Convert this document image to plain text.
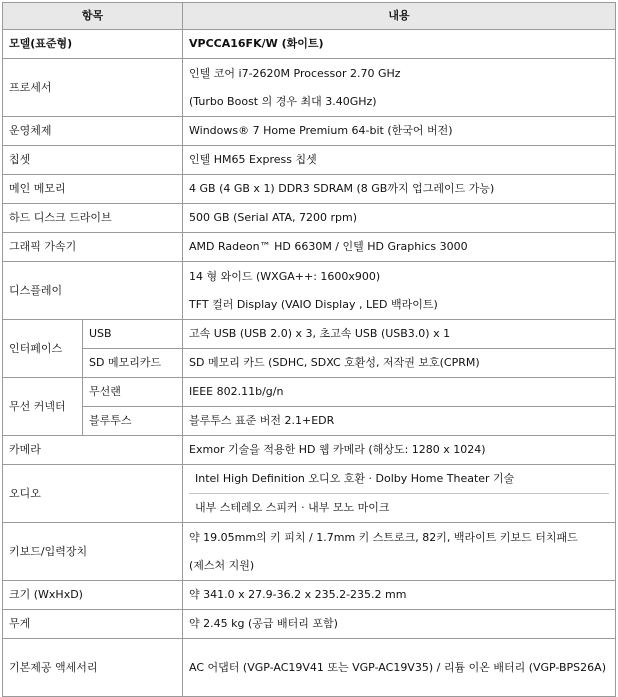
항목		내용
모델(표준형)		VPCCA16FK/W (화이트)
프로세서		인텔 코어 i7-2620M Processor 2.70 GHz
(Turbo Boost 의 경우 최대 3.40GHz)

운영체제		Windows® 7 Home Premium 64-bit (한국어 버전)
칩셋		인텔 HM65 Express 칩셋
메인 메모리		4 GB (4 GB x 1) DDR3 SDRAM (8 GB까지 업그레이드 가능)
하드 디스크 드라이브		500 GB (Serial ATA, 7200 rpm)
그래픽 가속기		AMD Radeon™ HD 6630M / 인텔 HD Graphics 3000
디스플레이		14 형 와이드 (WXGA++: 1600x900)
TFT 컬러 Display (VAIO Display , LED 백라이트)

인터페이스	USB	고속 USB (USB 2.0) x 3, 초고속 USB (USB3.0) x 1
	SD 메모리카드	SD 메모리 카드 (SDHC, SDXC 호환성, 저작권 보호(CPRM)
무선 커넥터	무선랜	IEEE 802.11b/g/n
	블루투스	블루투스 표준 버전 2.1+EDR
카메라		Exmor 기술을 적용한 HD 웹 카메라 (해상도: 1280 x 1024)
오디오		Intel High Definition 오디오 호환 · Dolby Home Theater 기술
내부 스테레오 스피커 · 내부 모노 마이크

키보드/입력장치		약 19.05mm의 키 피치 / 1.7mm 키 스트로크, 82키, 백라이트 키보드 터치패드
(제스처 지원)

크기 (WxHxD)		약 341.0 x 27.9-36.2 x 235.2-235.2 mm
무게		약 2.45 kg (공급 배터리 포함)
기본제공 액세서리		AC 어댑터 (VGP-AC19V41 또는 VGP-AC19V35) / 리튬 이온 배터리 (VGP-BPS26A)
